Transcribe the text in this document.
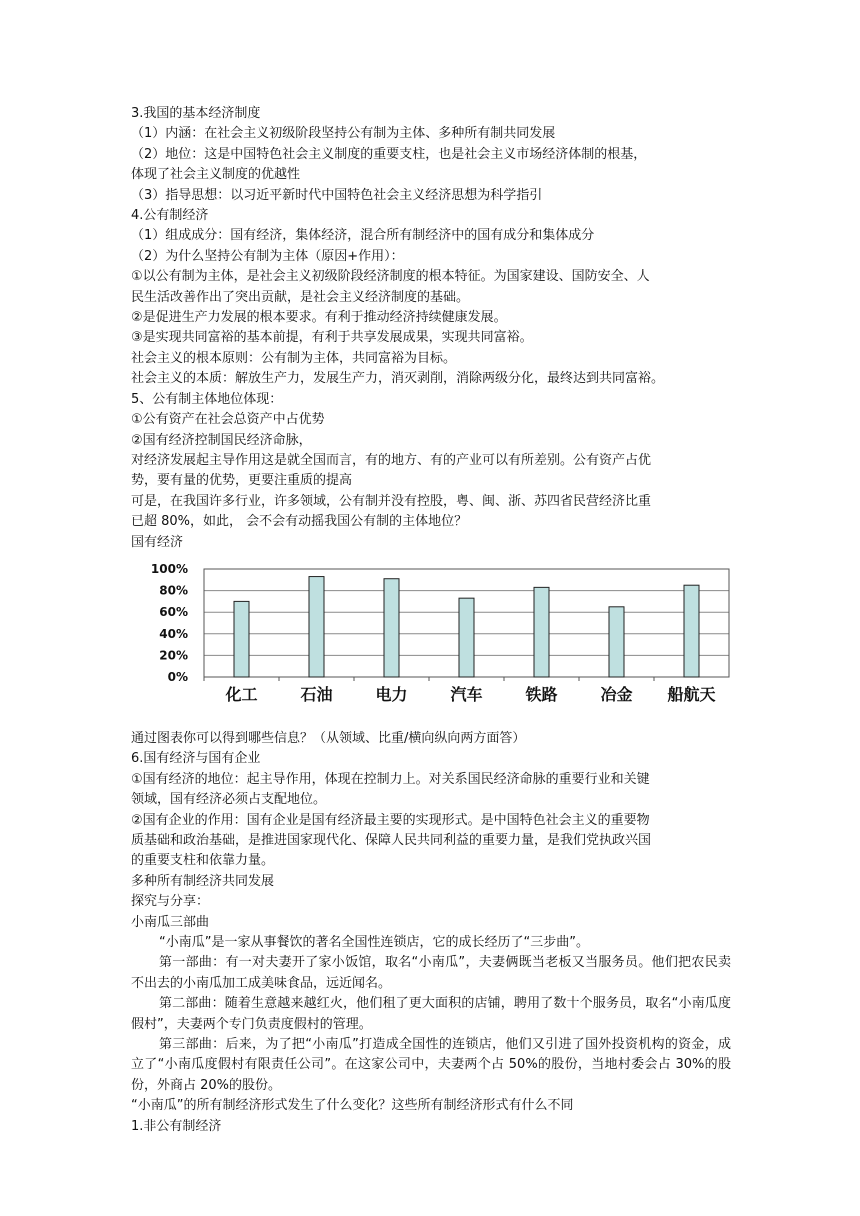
3.我国的基本经济制度
（1）内涵：在社会主义初级阶段坚持公有制为主体、多种所有制共同发展
（2）地位：这是中国特色社会主义制度的重要支柱，也是社会主义市场经济体制的根基，
体现了社会主义制度的优越性
（3）指导思想：以习近平新时代中国特色社会主义经济思想为科学指引
4.公有制经济
（1）组成成分：国有经济，集体经济，混合所有制经济中的国有成分和集体成分
（2）为什么坚持公有制为主体（原因+作用）：
①以公有制为主体，是社会主义初级阶段经济制度的根本特征。为国家建设、国防安全、人
民生活改善作出了突出贡献，是社会主义经济制度的基础。
②是促进生产力发展的根本要求。有利于推动经济持续健康发展。
③是实现共同富裕的基本前提，有利于共享发展成果，实现共同富裕。
社会主义的根本原则：公有制为主体，共同富裕为目标。
社会主义的本质：解放生产力，发展生产力，消灭剥削，消除两级分化，最终达到共同富裕。
5、公有制主体地位体现：
①公有资产在社会总资产中占优势
②国有经济控制国民经济命脉，
对经济发展起主导作用这是就全国而言，有的地方、有的产业可以有所差别。公有资产占优
势，要有量的优势，更要注重质的提高
可是，在我国许多行业，许多领域，公有制并没有控股，粤、闽、浙、苏四省民营经济比重
已超 80%，如此， 会不会有动摇我国公有制的主体地位？
国有经济
100%
80%
60%
40%
20%
0%
化工	石油	电力	汽车	铁路	冶金 船航天
通过图表你可以得到哪些信息？（从领域、比重/横向纵向两方面答）
6.国有经济与国有企业
①国有经济的地位：起主导作用，体现在控制力上。对关系国民经济命脉的重要行业和关键
领域，国有经济必须占支配地位。
②国有企业的作用：国有企业是国有经济最主要的实现形式。是中国特色社会主义的重要物
质基础和政治基础，是推进国家现代化、保障人民共同利益的重要力量，是我们党执政兴国
的重要支柱和依靠力量。
多种所有制经济共同发展
探究与分享：
小南瓜三部曲
“小南瓜”是一家从事餐饮的著名全国性连锁店，它的成长经历了“三步曲”。
第一部曲：有一对夫妻开了家小饭馆，取名“小南瓜”，夫妻俩既当老板又当服务员。他们把农民卖不出去的小南瓜加工成美味食品，远近闻名。
第二部曲：随着生意越来越红火，他们租了更大面积的店铺，聘用了数十个服务员，取名“小南瓜度假村”，夫妻两个专门负责度假村的管理。
第三部曲：后来，为了把“小南瓜”打造成全国性的连锁店，他们又引进了国外投资机构的资金，成立了“小南瓜度假村有限责任公司”。在这家公司中，夫妻两个占 50%的股份，当地村委会占 30%的股份，外商占 20%的股份。
“小南瓜”的所有制经济形式发生了什么变化？这些所有制经济形式有什么不同
1.非公有制经济
